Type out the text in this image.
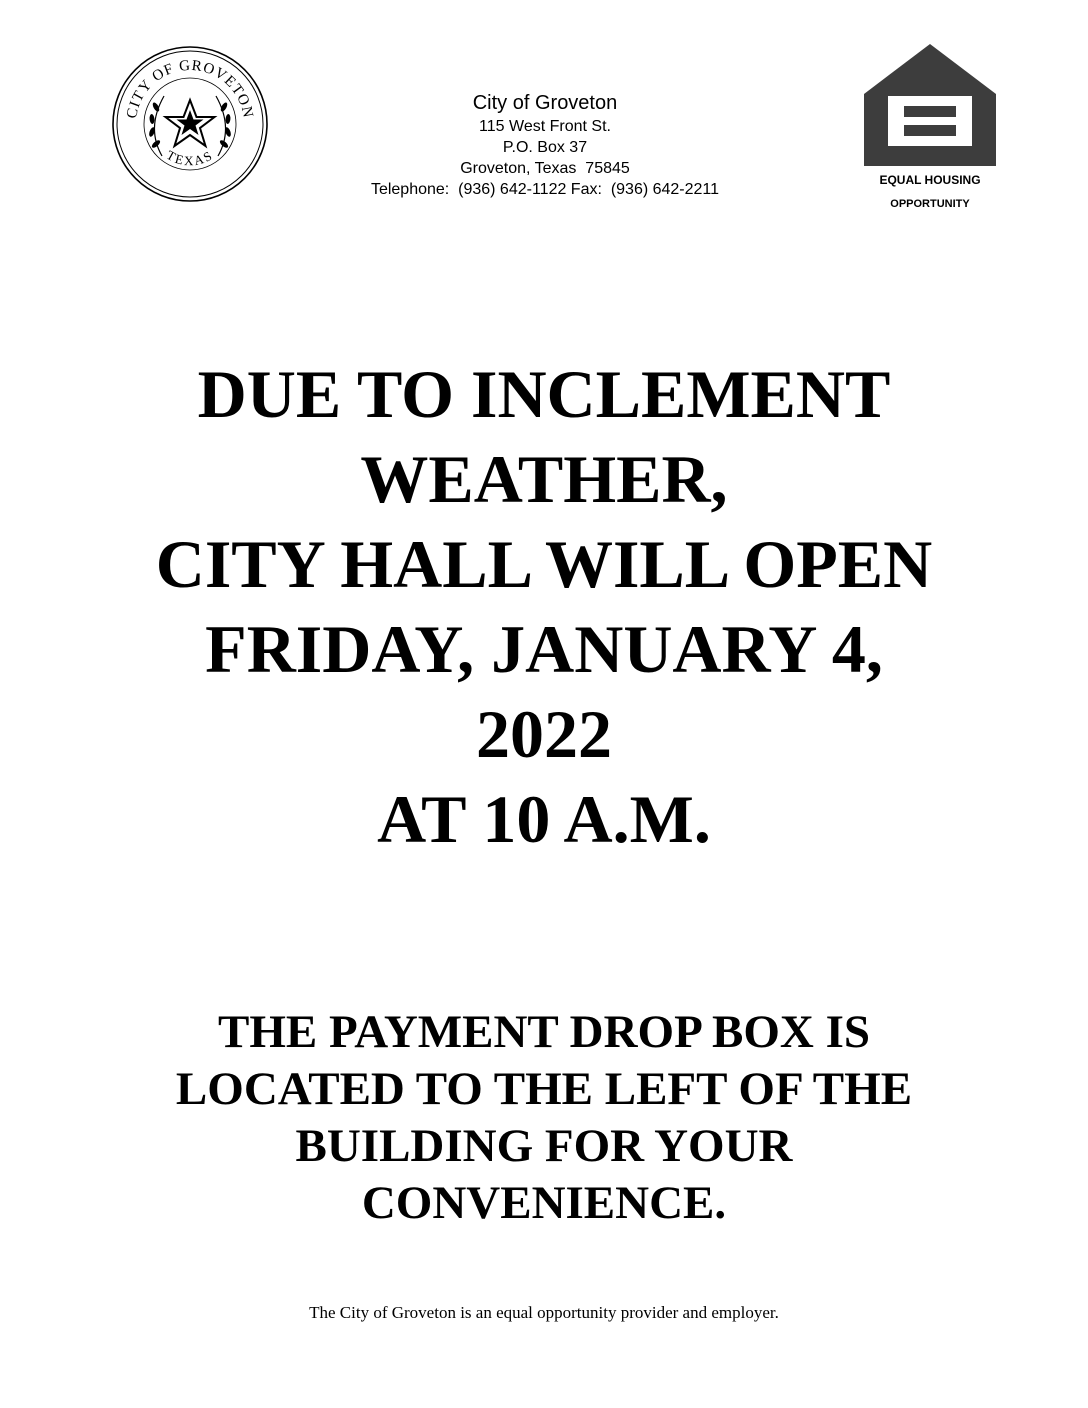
CITY OF GROVETON
TEXAS
City of Groveton
115 West Front St.
P.O. Box 37
Groveton, Texas  75845
Telephone:  (936) 642-1122 Fax:  (936) 642-2211
EQUAL HOUSING
OPPORTUNITY
DUE TO INCLEMENT
WEATHER,
CITY HALL WILL OPEN
FRIDAY, JANUARY 4,
2022
AT 10 A.M.
THE PAYMENT DROP BOX IS
LOCATED TO THE LEFT OF THE
BUILDING FOR YOUR
CONVENIENCE.
The City of Groveton is an equal opportunity provider and employer.
